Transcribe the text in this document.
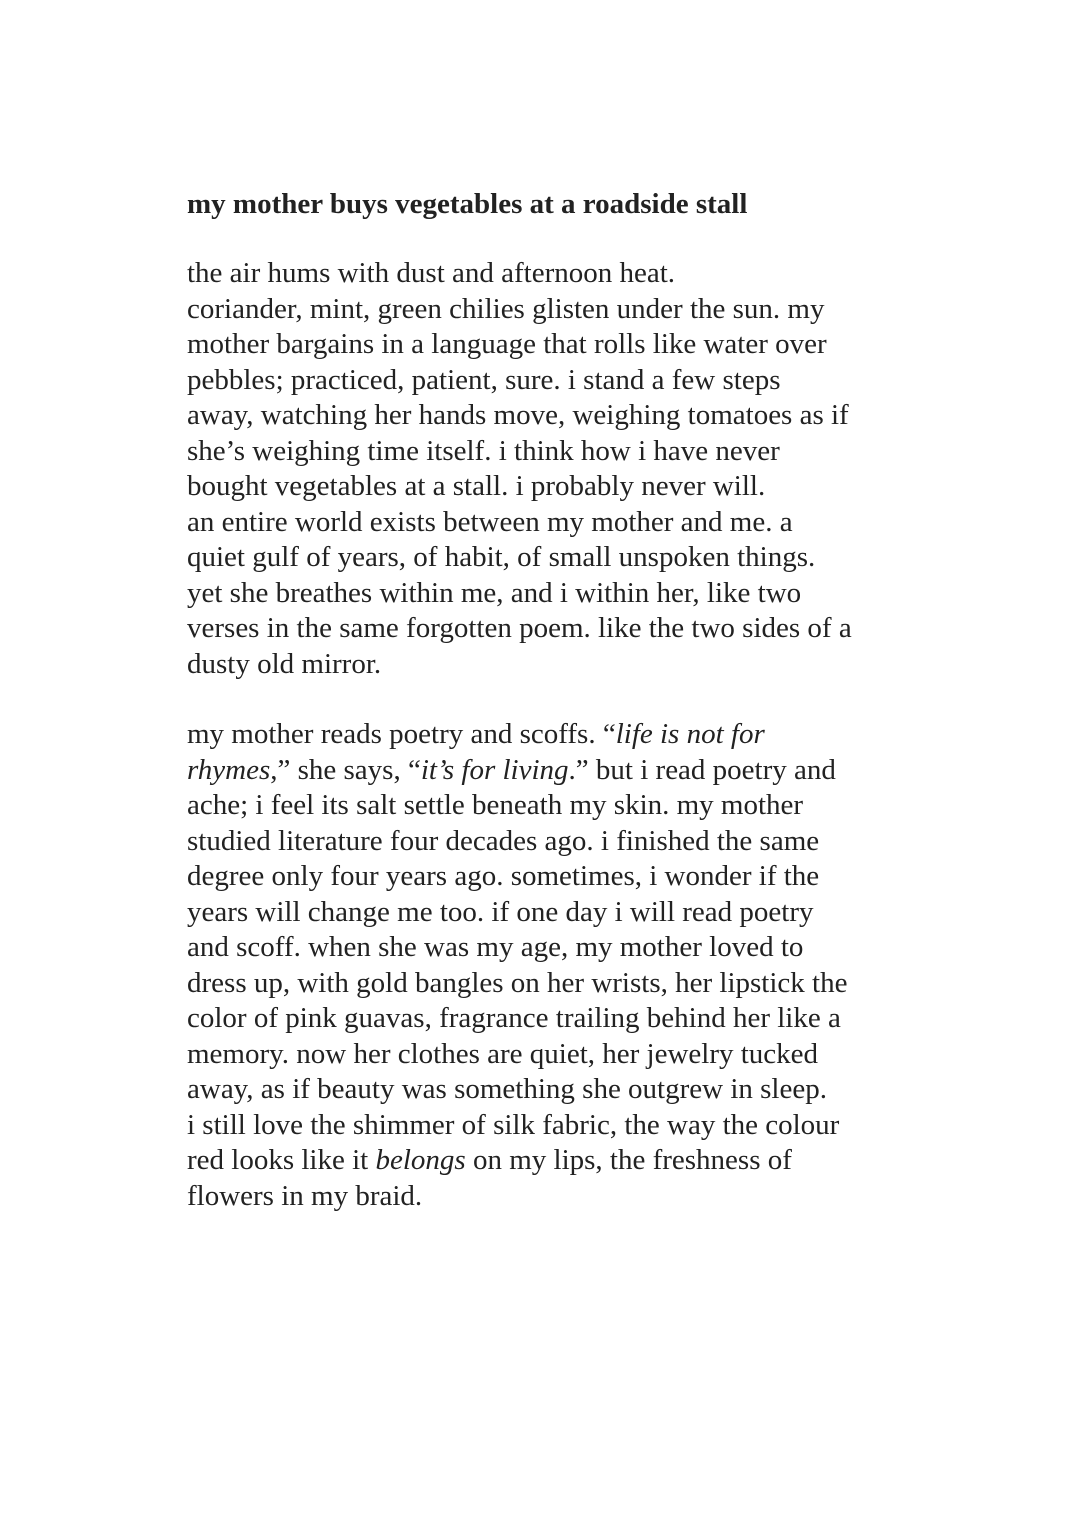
my mother buys vegetables at a roadside stall
the air hums with dust and afternoon heat.
coriander, mint, green chilies glisten under the sun. my
mother bargains in a language that rolls like water over
pebbles; practiced, patient, sure. i stand a few steps
away, watching her hands move, weighing tomatoes as if
she’s weighing time itself. i think how i have never
bought vegetables at a stall. i probably never will.
an entire world exists between my mother and me. a
quiet gulf of years, of habit, of small unspoken things.
yet she breathes within me, and i within her, like two
verses in the same forgotten poem. like the two sides of a
dusty old mirror.
my mother reads poetry and scoffs. “life is not for
rhymes,” she says, “it’s for living.” but i read poetry and
ache; i feel its salt settle beneath my skin. my mother
studied literature four decades ago. i finished the same
degree only four years ago. sometimes, i wonder if the
years will change me too. if one day i will read poetry
and scoff. when she was my age, my mother loved to
dress up, with gold bangles on her wrists, her lipstick the
color of pink guavas, fragrance trailing behind her like a
memory. now her clothes are quiet, her jewelry tucked
away, as if beauty was something she outgrew in sleep.
i still love the shimmer of silk fabric, the way the colour
red looks like it belongs on my lips, the freshness of
flowers in my braid.
